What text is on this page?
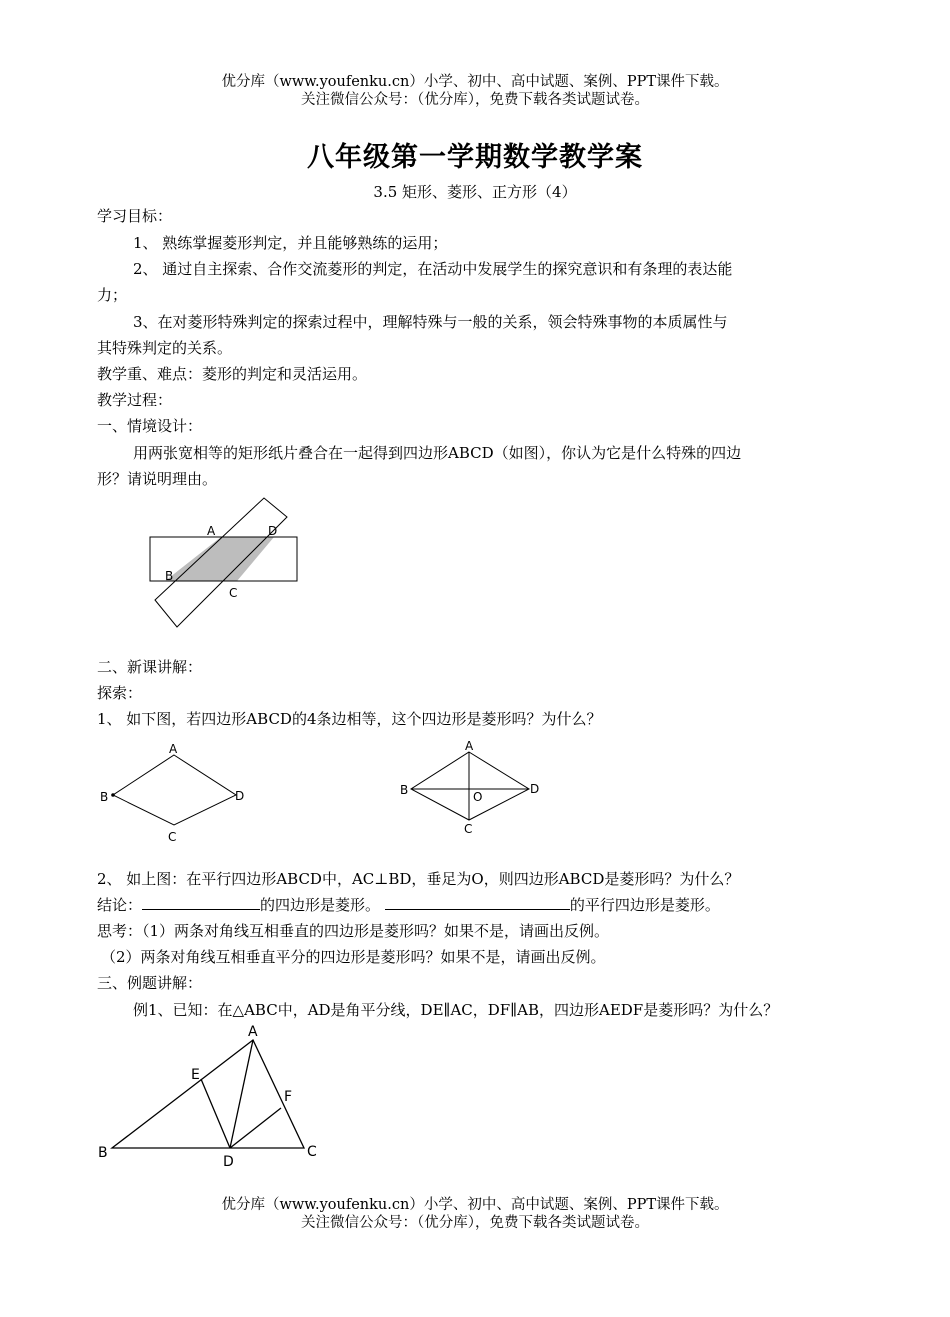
优分库（www.youfenku.cn）小学、初中、高中试题、案例、PPT课件下载。
关注微信公众号：（优分库），免费下载各类试题试卷。
八年级第一学期数学教学案
3.5 矩形、菱形、正方形（4）
学习目标：
1、 熟练掌握菱形判定，并且能够熟练的运用；
2、 通过自主探索、合作交流菱形的判定，在活动中发展学生的探究意识和有条理的表达能
力；
3、在对菱形特殊判定的探索过程中，理解特殊与一般的关系，领会特殊事物的本质属性与
其特殊判定的关系。
教学重、难点：菱形的判定和灵活运用。
教学过程：
一、情境设计：
用两张宽相等的矩形纸片叠合在一起得到四边形ABCD（如图），你认为它是什么特殊的四边
形？请说明理由。
A	D
B
C
二、新课讲解：
探索：
1、 如下图，若四边形ABCD的4条边相等，这个四边形是菱形吗？为什么？
A
B	D
C
A
B	D
O
C
2、 如上图：在平行四边形ABCD中，AC⊥BD，垂足为O，则四边形ABCD是菱形吗？为什么？
结论：	的四边形是菱形。	的平行四边形是菱形。
思考：（1）两条对角线互相垂直的四边形是菱形吗？如果不是，请画出反例。
（2）两条对角线互相垂直平分的四边形是菱形吗？如果不是，请画出反例。
三、例题讲解：
例1、已知：在△ABC中，AD是角平分线，DE∥AC，DF∥AB，四边形AEDF是菱形吗？为什么？
A
E
F
B
D
C
优分库（www.youfenku.cn）小学、初中、高中试题、案例、PPT课件下载。
关注微信公众号：（优分库），免费下载各类试题试卷。
